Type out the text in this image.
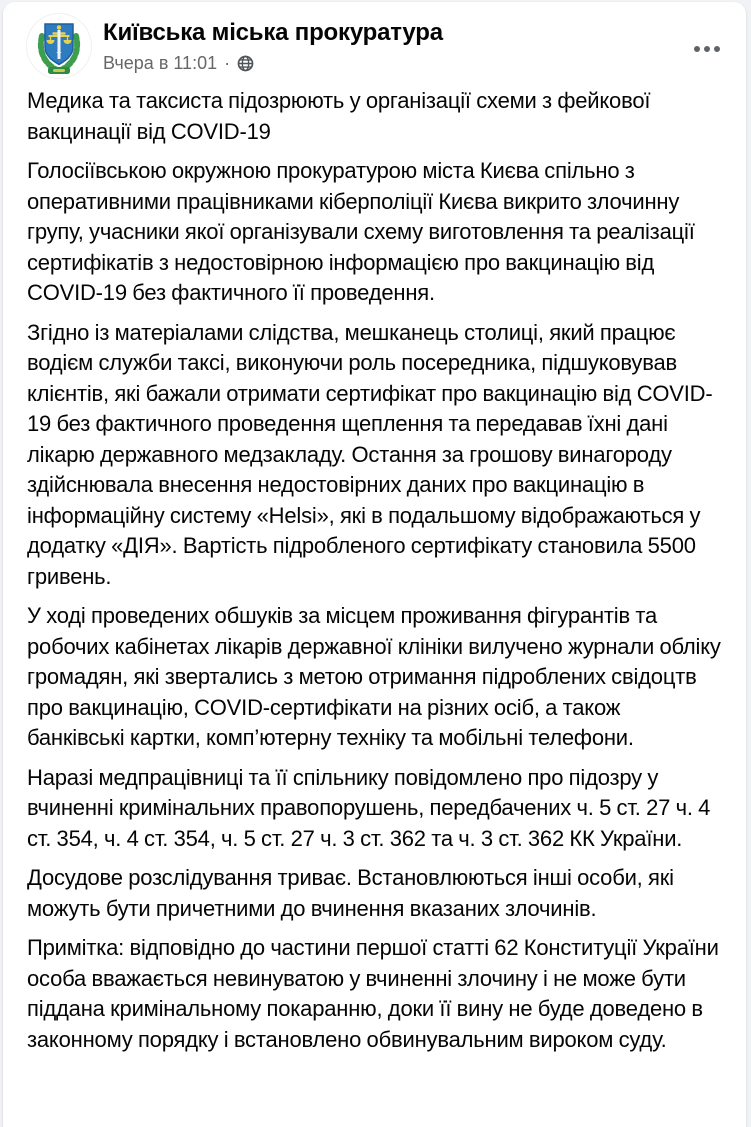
Київська міська прокуратура
Вчера в 11:01 ·

Медика та таксиста підозрюють у організації схеми з фейкової вакцинації від COVID-19

Голосіївською окружною прокуратурою міста Києва спільно з оперативними працівниками кіберполіції Києва викрито злочинну групу, учасники якої організували схему виготовлення та реалізації сертифікатів з недостовірною інформацією про вакцинацію від COVID-19 без фактичного її проведення.

Згідно із матеріалами слідства, мешканець столиці, який працює водієм служби таксі, виконуючи роль посередника, підшуковував клієнтів, які бажали отримати сертифікат про вакцинацію від COVID-19 без фактичного проведення щеплення та передавав їхні дані лікарю державного медзакладу. Остання за грошову винагороду здійснювала внесення недостовірних даних про вакцинацію в інформаційну систему «Helsi», які в подальшому відображаються у додатку «ДІЯ». Вартість підробленого сертифікату становила 5500 гривень.

У ході проведених обшуків за місцем проживання фігурантів та робочих кабінетах лікарів державної клініки вилучено журнали обліку громадян, які звертались з метою отримання підроблених свідоцтв про вакцинацію, COVID-сертифікати на різних осіб, а також банківські картки, комп’ютерну техніку та мобільні телефони.

Наразі медпрацівниці та її спільнику повідомлено про підозру у вчиненні кримінальних правопорушень, передбачених ч. 5 ст. 27 ч. 4 ст. 354, ч. 4 ст. 354, ч. 5 ст. 27 ч. 3 ст. 362 та ч. 3 ст. 362 КК України.

Досудове розслідування триває. Встановлюються інші особи, які можуть бути причетними до вчинення вказаних злочинів.

Примітка: відповідно до частини першої статті 62 Конституції України особа вважається невинуватою у вчиненні злочину і не може бути піддана кримінальному покаранню, доки її вину не буде доведено в законному порядку і встановлено обвинувальним вироком суду.
